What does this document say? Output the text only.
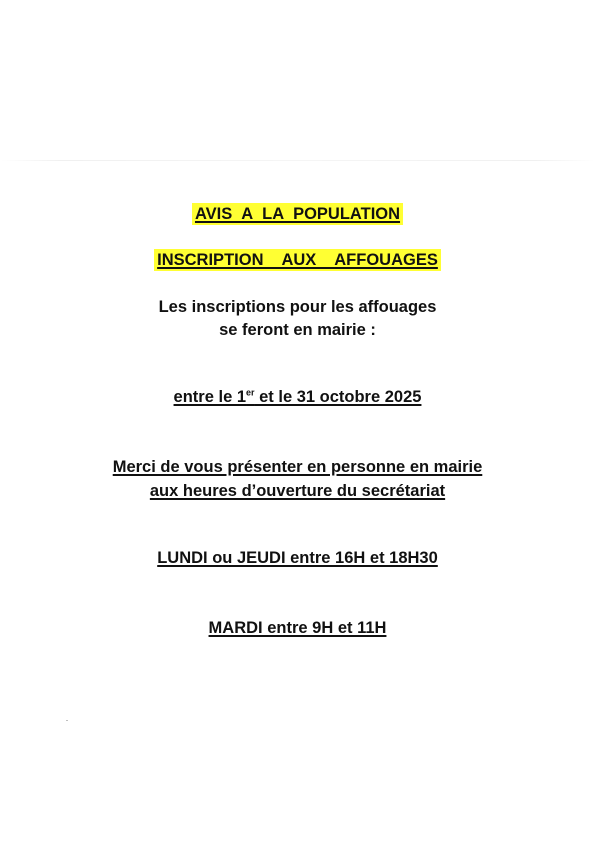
AVIS A LA POPULATION
INSCRIPTION AUX AFFOUAGES
Les inscriptions pour les affouages
se feront en mairie :
entre le 1er et le 31 octobre 2025
Merci de vous présenter en personne en mairie
aux heures d’ouverture du secrétariat
LUNDI ou JEUDI entre 16H et 18H30
MARDI entre 9H et 11H
